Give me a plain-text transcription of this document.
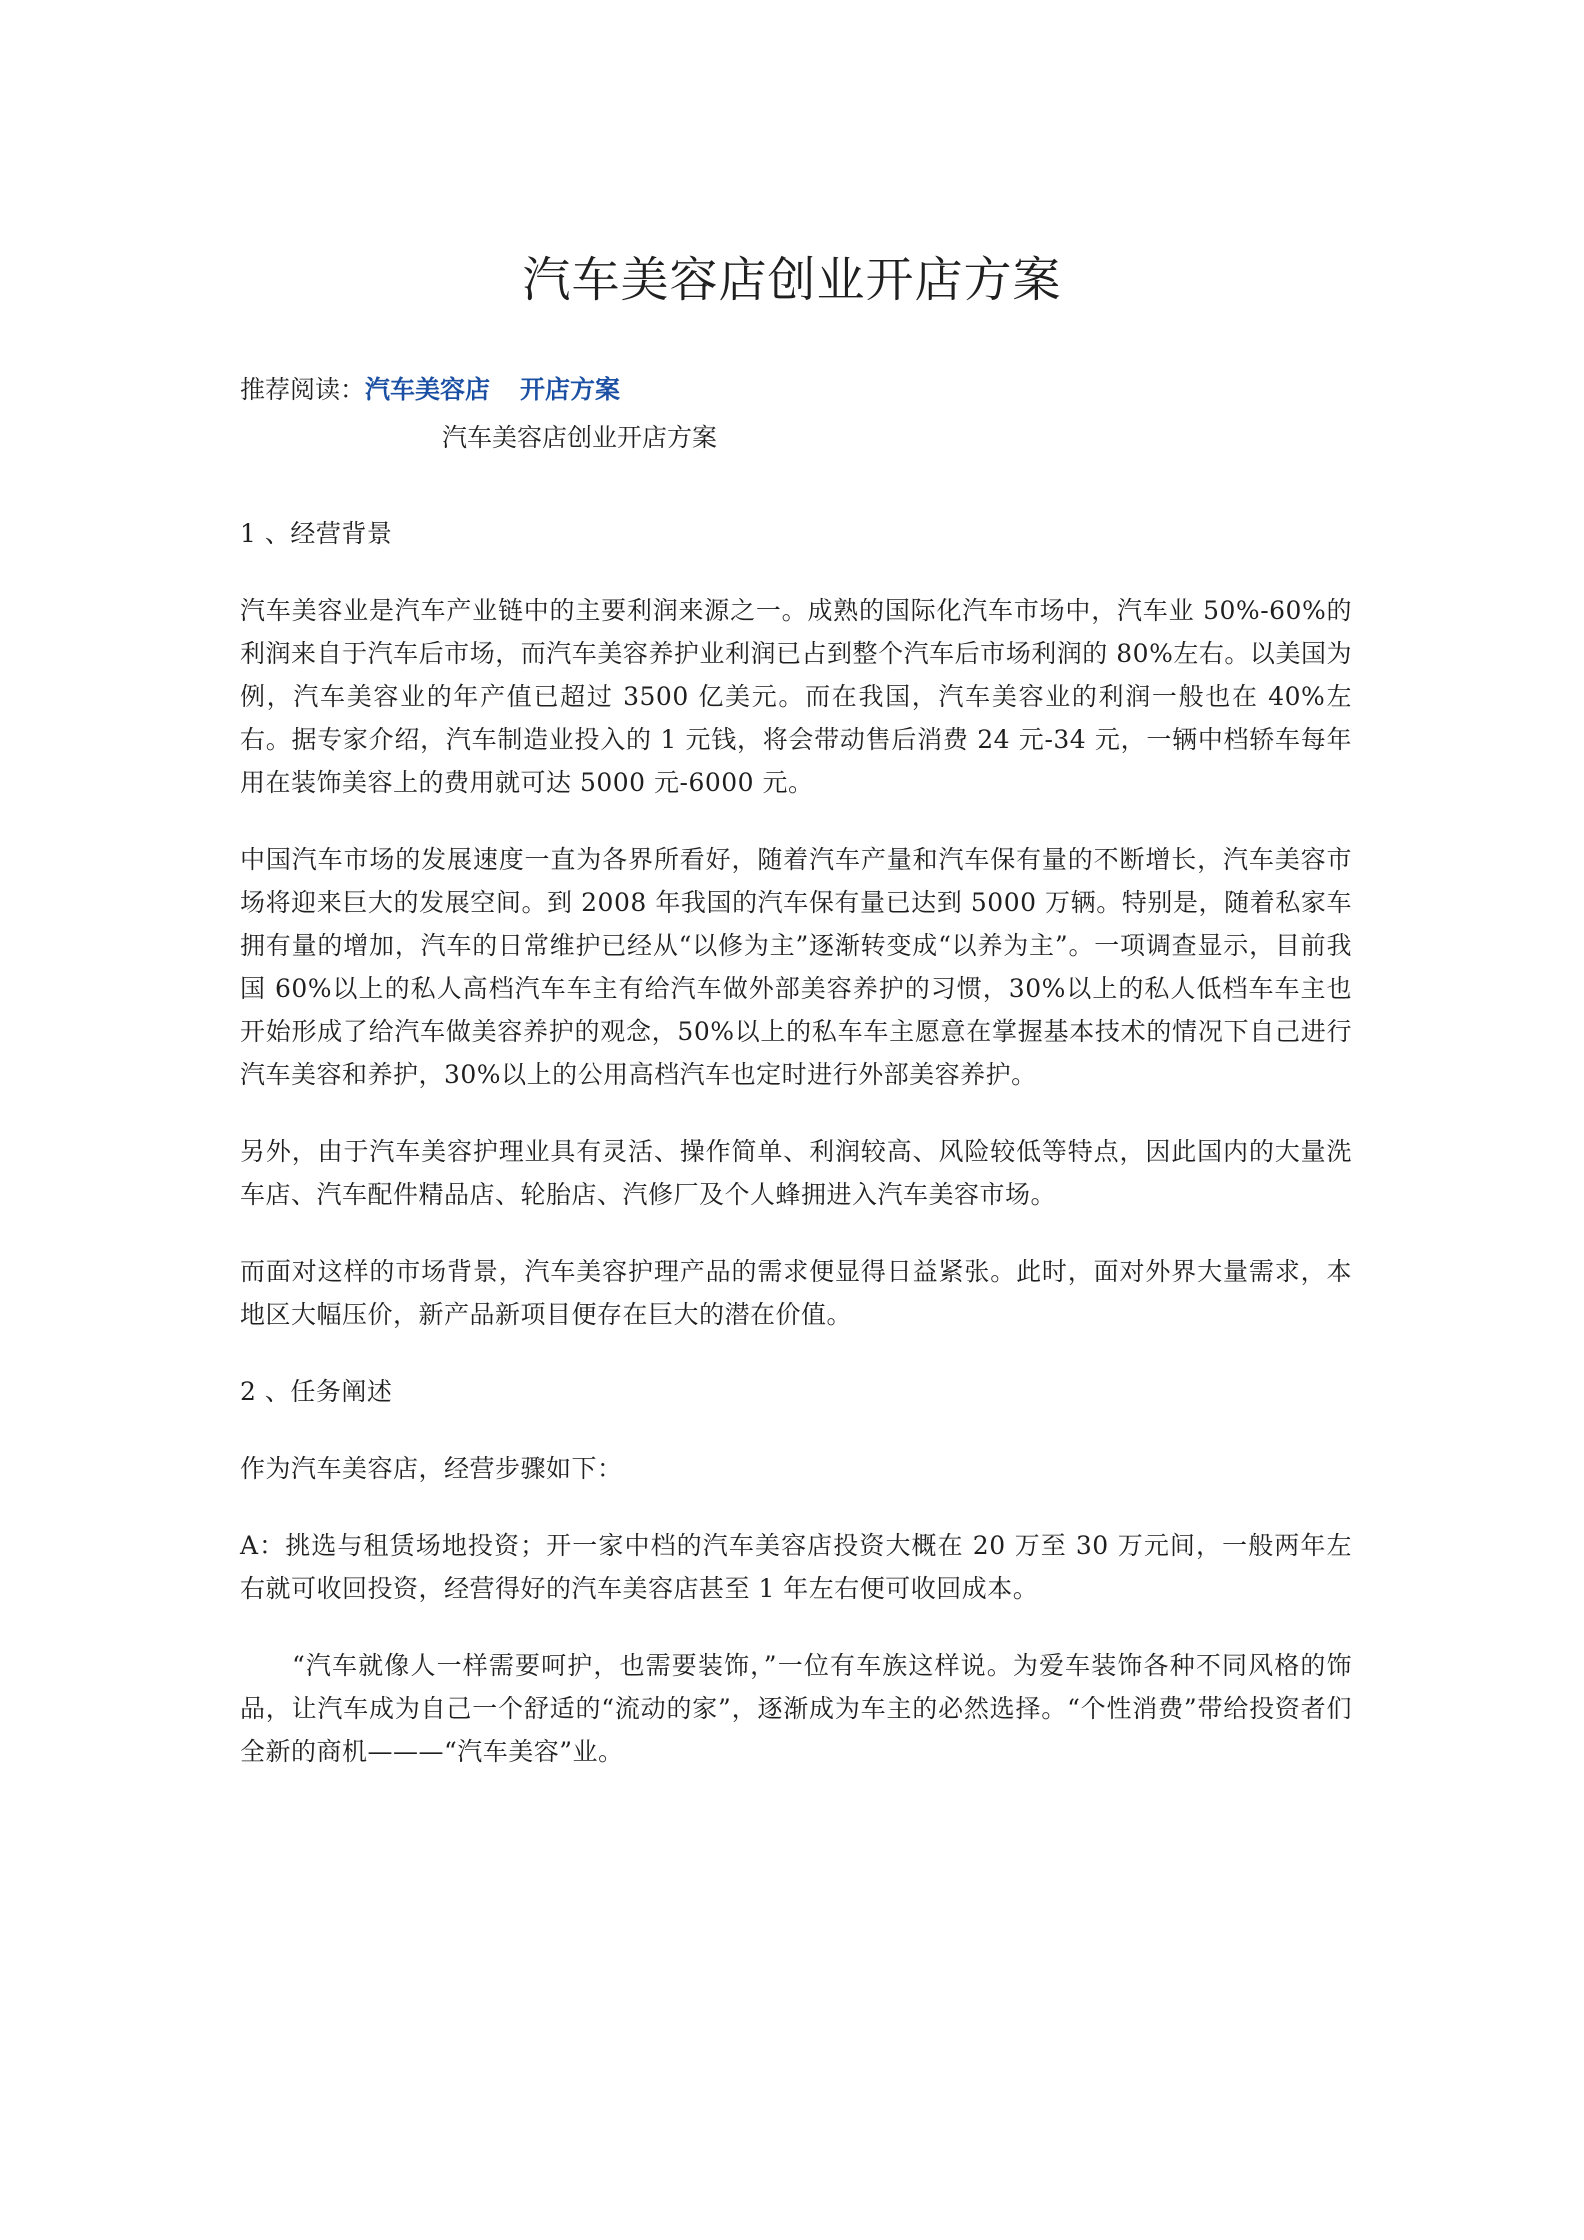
汽车美容店创业开店方案
推荐阅读：汽车美容店 开店方案
汽车美容店创业开店方案

1 、经营背景

汽车美容业是汽车产业链中的主要利润来源之一。成熟的国际化汽车市场中，汽车业 50%-60%的利润来自于汽车后市场，而汽车美容养护业利润已占到整个汽车后市场利润的 80%左右。以美国为例，汽车美容业的年产值已超过 3500 亿美元。而在我国，汽车美容业的利润一般也在 40%左右。据专家介绍，汽车制造业投入的 1 元钱，将会带动售后消费 24 元-34 元，一辆中档轿车每年用在装饰美容上的费用就可达 5000 元-6000 元。

中国汽车市场的发展速度一直为各界所看好，随着汽车产量和汽车保有量的不断增长，汽车美容市场将迎来巨大的发展空间。到 2008 年我国的汽车保有量已达到 5000 万辆。特别是，随着私家车拥有量的增加，汽车的日常维护已经从“以修为主”逐渐转变成“以养为主”。一项调查显示，目前我国 60%以上的私人高档汽车车主有给汽车做外部美容养护的习惯，30%以上的私人低档车车主也开始形成了给汽车做美容养护的观念，50%以上的私车车主愿意在掌握基本技术的情况下自己进行汽车美容和养护，30%以上的公用高档汽车也定时进行外部美容养护。

另外，由于汽车美容护理业具有灵活、操作简单、利润较高、风险较低等特点，因此国内的大量洗车店、汽车配件精品店、轮胎店、汽修厂及个人蜂拥进入汽车美容市场。

而面对这样的市场背景，汽车美容护理产品的需求便显得日益紧张。此时，面对外界大量需求，本地区大幅压价，新产品新项目便存在巨大的潜在价值。

2 、任务阐述

作为汽车美容店，经营步骤如下：

A：挑选与租赁场地投资；开一家中档的汽车美容店投资大概在 20 万至 30 万元间，一般两年左右就可收回投资，经营得好的汽车美容店甚至 1 年左右便可收回成本。

“汽车就像人一样需要呵护，也需要装饰，”一位有车族这样说。为爱车装饰各种不同风格的饰品，让汽车成为自己一个舒适的“流动的家”，逐渐成为车主的必然选择。“个性消费”带给投资者们全新的商机———“汽车美容”业。
